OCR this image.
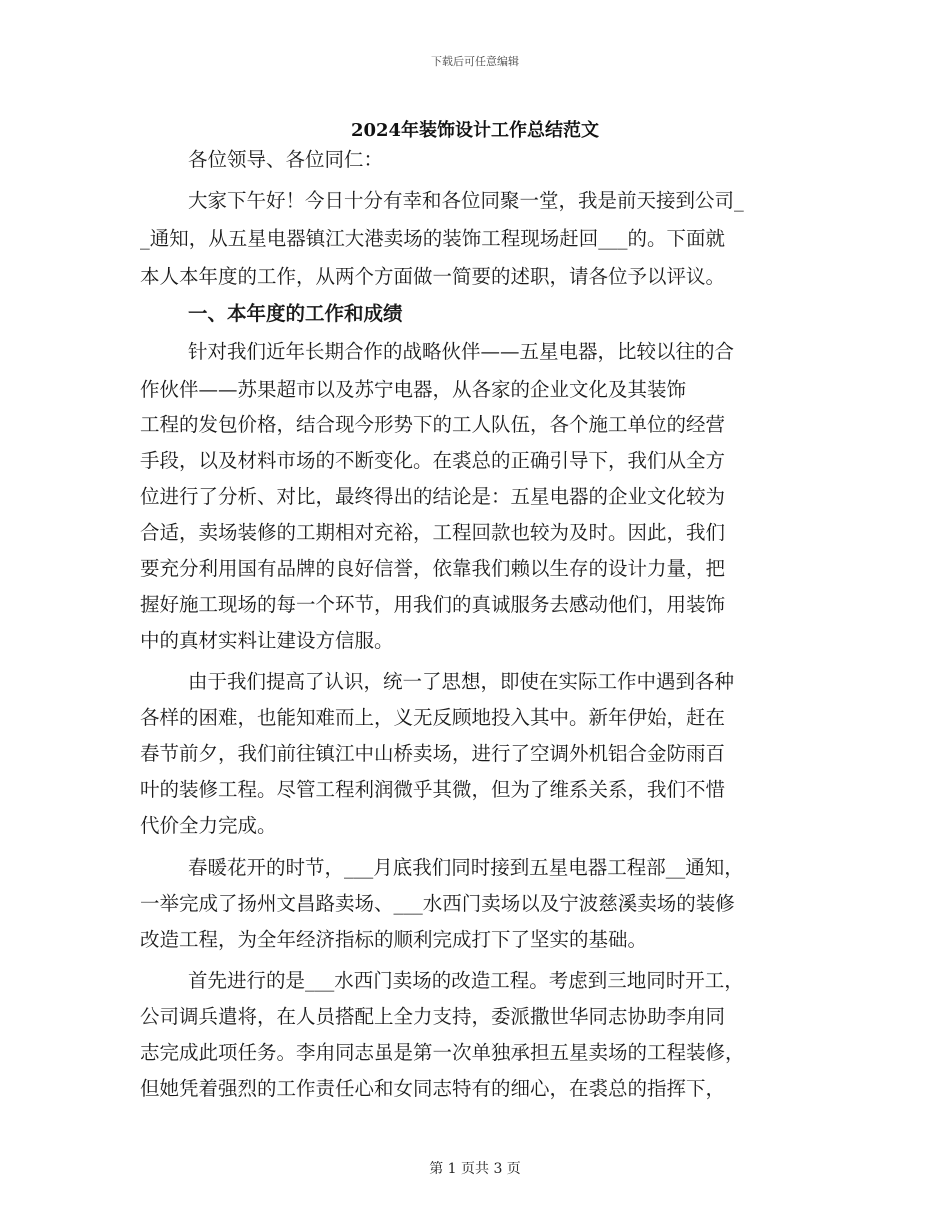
下载后可任意编辑
2024年装饰设计工作总结范文
各位领导、各位同仁：
大家下午好！今日十分有幸和各位同聚一堂，我是前天接到公司_
_通知，从五星电器镇江大港卖场的装饰工程现场赶回___的。下面就
本人本年度的工作，从两个方面做一简要的述职，请各位予以评议。
一、本年度的工作和成绩
针对我们近年长期合作的战略伙伴——五星电器，比较以往的合
作伙伴——苏果超市以及苏宁电器，从各家的企业文化及其装饰
工程的发包价格，结合现今形势下的工人队伍，各个施工单位的经营
手段，以及材料市场的不断变化。在裘总的正确引导下，我们从全方
位进行了分析、对比，最终得出的结论是：五星电器的企业文化较为
合适，卖场装修的工期相对充裕，工程回款也较为及时。因此，我们
要充分利用国有品牌的良好信誉，依靠我们赖以生存的设计力量，把
握好施工现场的每一个环节，用我们的真诚服务去感动他们，用装饰
中的真材实料让建设方信服。
由于我们提高了认识，统一了思想，即使在实际工作中遇到各种
各样的困难，也能知难而上，义无反顾地投入其中。新年伊始，赶在
春节前夕，我们前往镇江中山桥卖场，进行了空调外机铝合金防雨百
叶的装修工程。尽管工程利润微乎其微，但为了维系关系，我们不惜
代价全力完成。
春暖花开的时节，___月底我们同时接到五星电器工程部__通知，
一举完成了扬州文昌路卖场、___水西门卖场以及宁波慈溪卖场的装修
改造工程，为全年经济指标的顺利完成打下了坚实的基础。
首先进行的是___水西门卖场的改造工程。考虑到三地同时开工，
公司调兵遣将，在人员搭配上全力支持，委派撒世华同志协助李甪同
志完成此项任务。李甪同志虽是第一次单独承担五星卖场的工程装修，
但她凭着强烈的工作责任心和女同志特有的细心，在裘总的指挥下，
第 1 页共 3 页
